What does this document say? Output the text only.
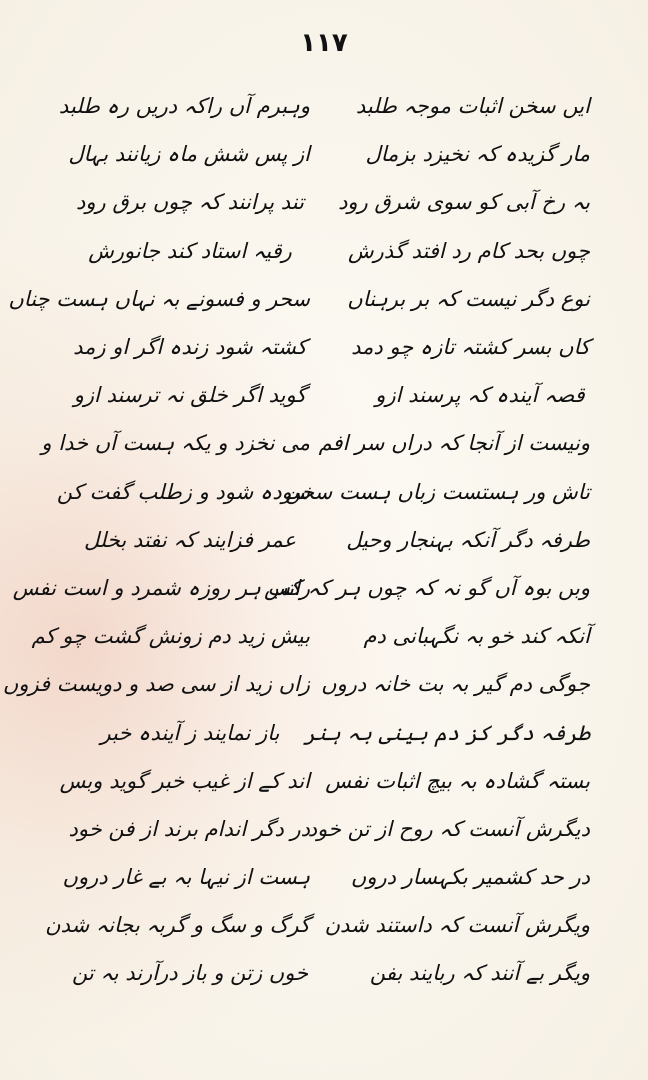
۱۱۷
ایں سخن اثبات موجہ طلبد
وہبرم آں راکہ دریں رہ طلبد
مار گزیدہ کہ نخیزد بزمال
از پس شش ماہ زیانند بہال
بہ رخ آبی کو سوی شرق رود
تند پرانند کہ چوں برق رود
چوں بحد کام رد افتد گذرش
رقیہ استاد کند جانورش
نوع دگر نیست کہ بر برہناں
سحر و فسونے بہ نہاں ہست چناں
کاں بسر کشتہ تازہ چو دمد
کشتہ شود زندہ اگر او زمد
قصہ آیندہ کہ پرسند ازو
گوید اگر خلق نہ ترسند ازو
ونیست از آنجا کہ دراں سر افم
می نخزد و یکہ ہست آں خدا و
تاش ور ہستست زباں ہست سخن
سودہ شود و زطلب گفت کن
طرفہ دگر آنکہ بہنجار وحیل
عمر فزایند کہ نفتد بخلل
وبں بوہ آں گو نہ کہ چوں ہر کہ کس
راتب ہر روزہ شمرد و است نفس
آنکہ کند خو بہ نگہبانی دم
بیش زید دم زونش گشت چو کم
جوگی دم گیر بہ بت خانہ دروں
زاں زید از سی صد و دویست فزوں
طرفہ دگر کز دم بینی بہ ہنر
باز نمایند ز آیندہ خبر
بستہ گشادہ بہ بیچ اثبات نفس
اند کے از غیب خبر گوید وبس
دیگرش آنست کہ روح از تن خود
در دگر اندام برند از فن خود
در حد کشمیر بکہسار دروں
ہست از نیہا بہ بے غار دروں
ویگرش آنست کہ داستند شدن
گرگ و سگ و گربہ بجانہ شدن
ویگر بے آنند کہ ربایند بفن
خوں زتن و باز درآرند بہ تن
